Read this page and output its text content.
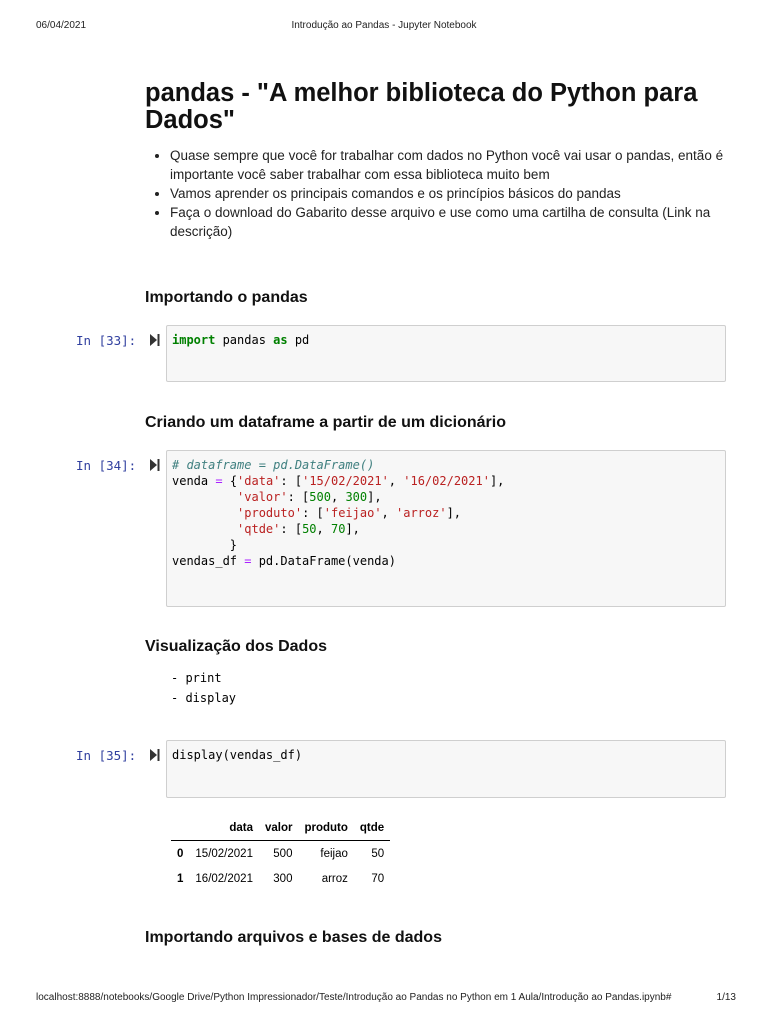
06/04/2021	Introdução ao Pandas - Jupyter Notebook
pandas - "A melhor biblioteca do Python para Dados"
• Quase sempre que você for trabalhar com dados no Python você vai usar o pandas, então é importante você saber trabalhar com essa biblioteca muito bem
• Vamos aprender os principais comandos e os princípios básicos do pandas
• Faça o download do Gabarito desse arquivo e use como uma cartilha de consulta (Link na descrição)
Importando o pandas
In [33]:	import pandas as pd
Criando um dataframe a partir de um dicionário
In [34]:	# dataframe = pd.DataFrame()
venda = {'data': ['15/02/2021', '16/02/2021'],
'valor': [500, 300],
'produto': ['feijao', 'arroz'],
'qtde': [50, 70],
}
vendas_df = pd.DataFrame(venda)
Visualização dos Dados
- print
- display
In [35]:	display(vendas_df)
	data	valor	produto	qtde
0	15/02/2021	500	feijao	50
1	16/02/2021	300	arroz	70
Importando arquivos e bases de dados
localhost:8888/notebooks/Google Drive/Python Impressionador/Teste/Introdução ao Pandas no Python em 1 Aula/Introdução ao Pandas.ipynb#	1/13
